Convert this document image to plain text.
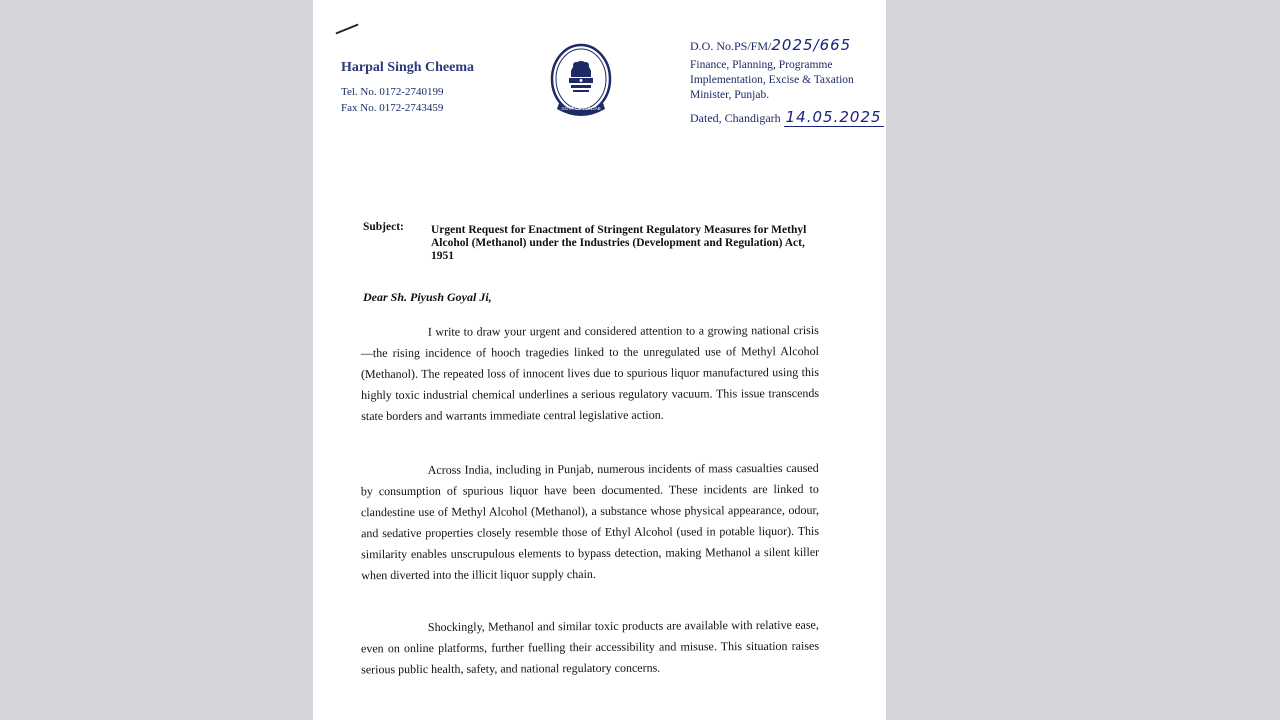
Harpal Singh Cheema
Tel. No. 0172-2740199
Fax No. 0172-2743459	GOVT OF PUNJAB
D.O. No.PS/FM/2025/665
Finance, Planning, Programme
Implementation, Excise & Taxation
Minister, Punjab.
Dated, Chandigarh 14.05.2025
Subject: Urgent Request for Enactment of Stringent Regulatory Measures for Methyl Alcohol (Methanol) under the Industries (Development and Regulation) Act, 1951
Dear Sh. Piyush Goyal Ji,

I write to draw your urgent and considered attention to a growing national crisis—the rising incidence of hooch tragedies linked to the unregulated use of Methyl Alcohol (Methanol). The repeated loss of innocent lives due to spurious liquor manufactured using this highly toxic industrial chemical underlines a serious regulatory vacuum. This issue transcends state borders and warrants immediate central legislative action.

Across India, including in Punjab, numerous incidents of mass casualties caused by consumption of spurious liquor have been documented. These incidents are linked to clandestine use of Methyl Alcohol (Methanol), a substance whose physical appearance, odour, and sedative properties closely resemble those of Ethyl Alcohol (used in potable liquor). This similarity enables unscrupulous elements to bypass detection, making Methanol a silent killer when diverted into the illicit liquor supply chain.

Shockingly, Methanol and similar toxic products are available with relative ease, even on online platforms, further fuelling their accessibility and misuse. This situation raises serious public health, safety, and national regulatory concerns.
